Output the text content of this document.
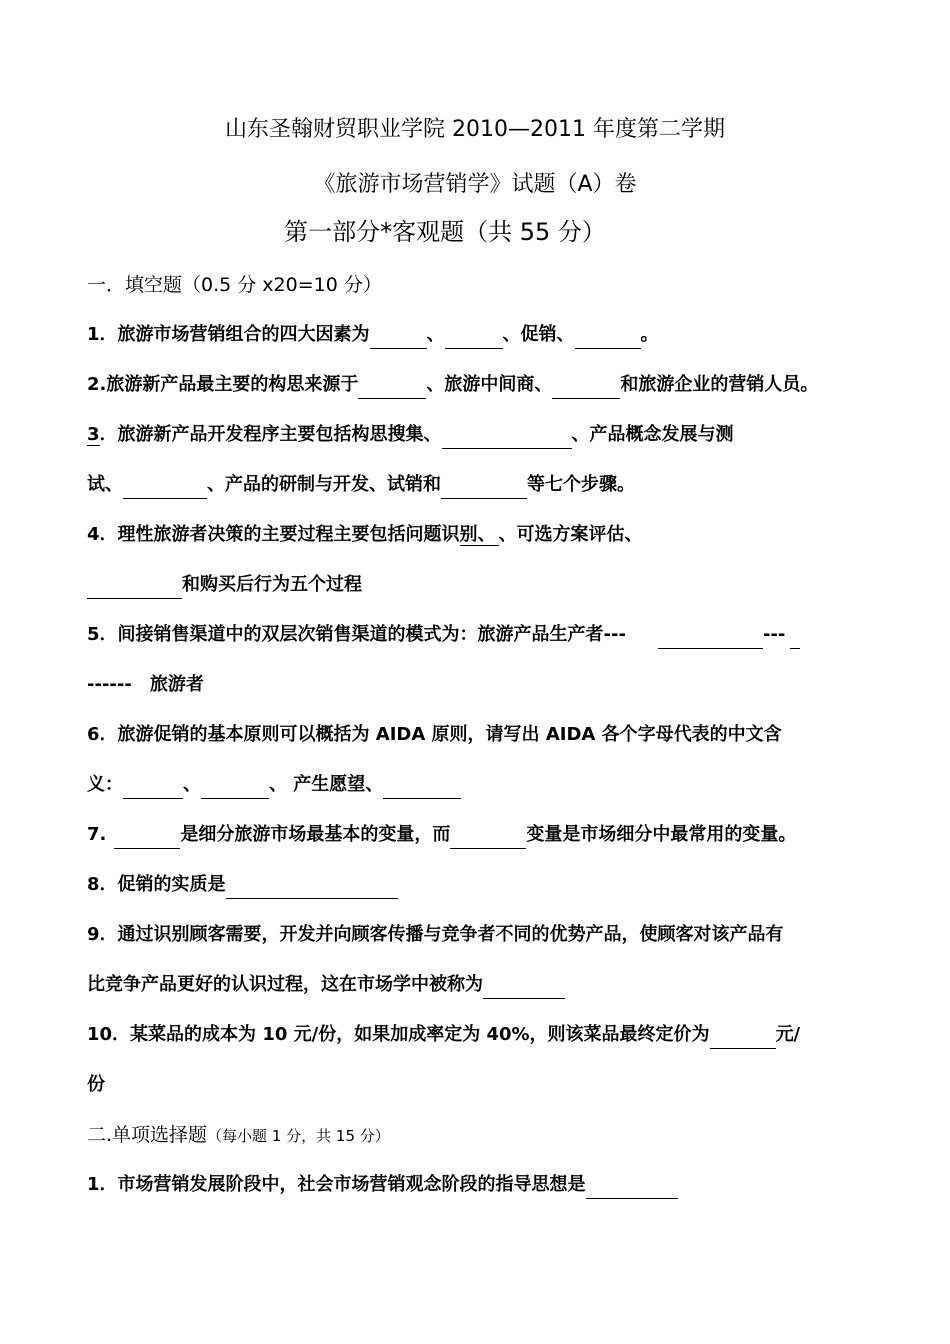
山东圣翰财贸职业学院 2010—2011 年度第二学期
《旅游市场营销学》试题（A）卷
第一部分*客观题（共 55 分）
一．填空题（0.5 分 x20=10 分）
1．旅游市场营销组合的四大因素为	、	、促销、	。
2.旅游新产品最主要的构思来源于	、旅游中间商、	和旅游企业的营销人员。
3．旅游新产品开发程序主要包括构思搜集、	、产品概念发展与测
试、	、产品的研制与开发、试销和	等七个步骤。
4．理性旅游者决策的主要过程主要包括问题识别、 、可选方案评估、
和购买后行为五个过程
5．间接销售渠道中的双层次销售渠道的模式为：旅游产品生产者---	---
------ 旅游者
6．旅游促销的基本原则可以概括为 AIDA 原则，请写出 AIDA 各个字母代表的中文含
义：	、	、 产生愿望、
7.	是细分旅游市场最基本的变量，而	变量是市场细分中最常用的变量。
8．促销的实质是
9．通过识别顾客需要，开发并向顾客传播与竞争者不同的优势产品，使顾客对该产品有
比竞争产品更好的认识过程，这在市场学中被称为
10．某菜品的成本为 10 元/份，如果加成率定为 40%，则该菜品最终定价为	元/
份
二.单项选择题（每小题 1 分，共 15 分）
1．市场营销发展阶段中，社会市场营销观念阶段的指导思想是
